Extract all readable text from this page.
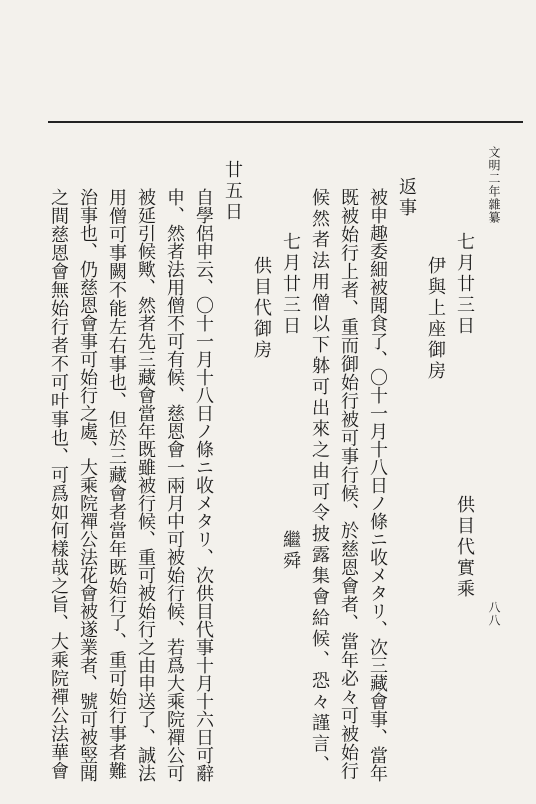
文明二年雜纂
八八
七月廿三日
供目代實乘
伊與上座御房
返事
被申趣委細被聞食了、〇十一月十八日ノ條ニ收メタリ、次三藏會事、當年
既被始行上者、重而御始行被可事行候、於慈恩會者、當年必々可被始行
候然者法用僧以下躰可出來之由可令披露集會給候、恐々謹言、
七月廿三日
繼舜
供目代御房
廿五日
自學侶申云、〇十一月十八日ノ條ニ收メタリ、次供目代事十月十六日可辭
申、然者法用僧不可有候、慈恩會一兩月中可被始行候、若爲大乘院禪公可
被延引候歟、然者先三藏會當年既雖被行候、重可被始行之由申送了、誠法
用僧可事闕不能左右事也、但於三藏會者當年既始行了、重可始行事者難
治事也、仍慈恩會事可始行之處、大乘院禪公法花會被遂業者、號可被竪聞
之間慈恩會無始行者不可叶事也、可爲如何樣哉之旨、大乘院禪公法華會
